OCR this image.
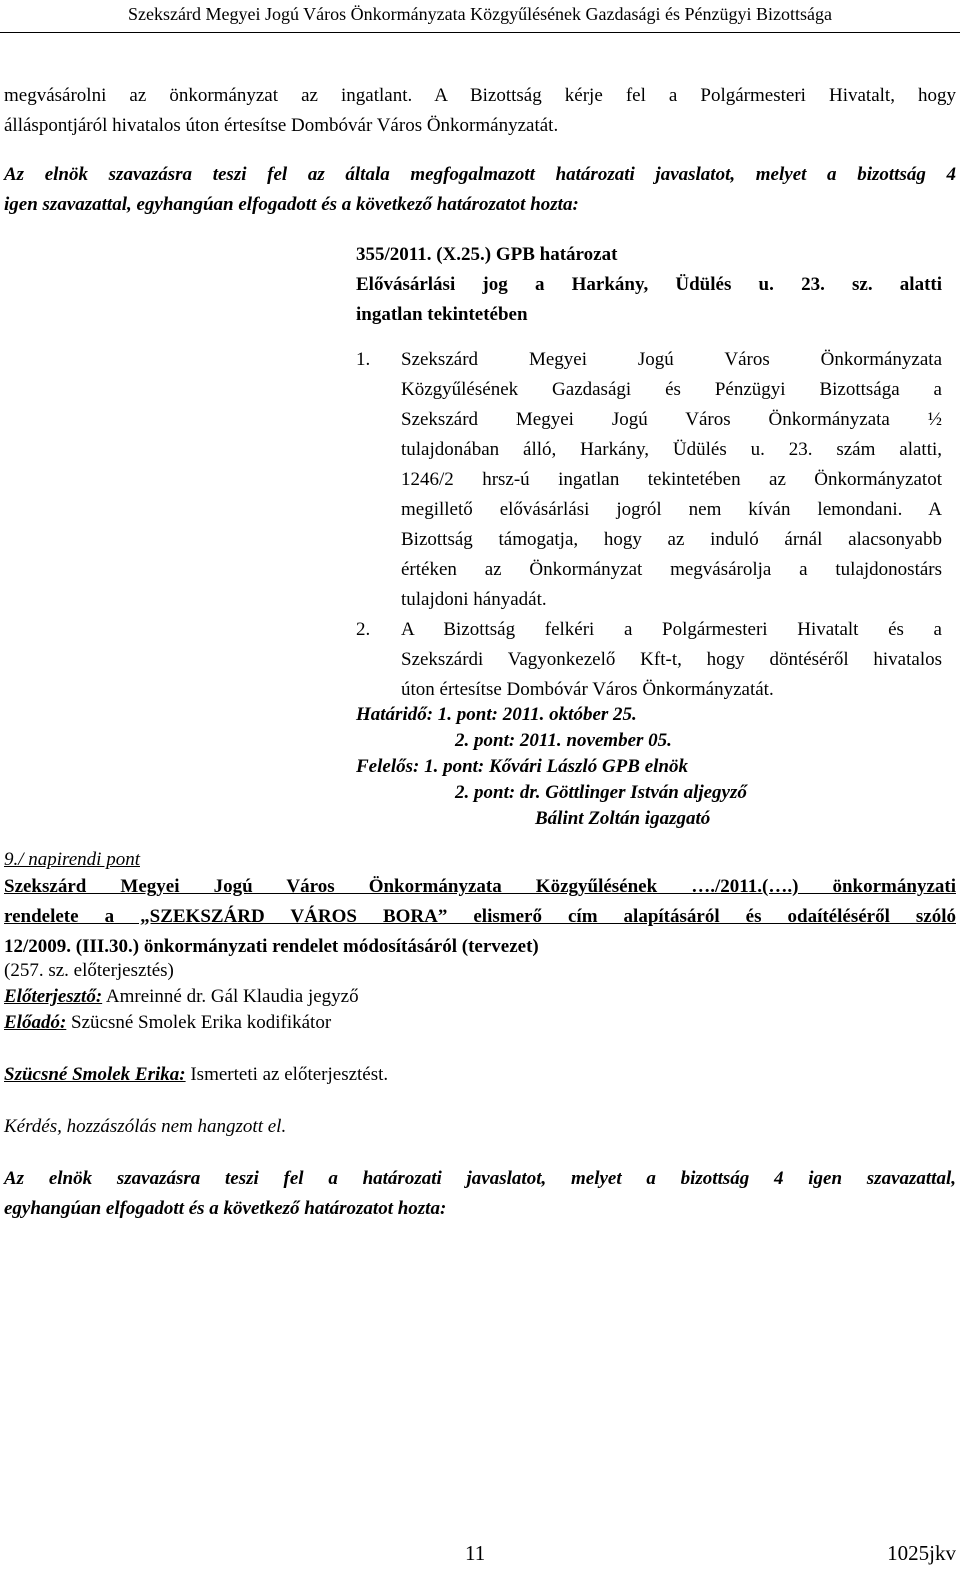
Szekszárd Megyei Jogú Város Önkormányzata Közgyűlésének Gazdasági és Pénzügyi Bizottsága
megvásárolni az önkormányzat az ingatlant. A Bizottság kérje fel a Polgármesteri Hivatalt, hogy
álláspontjáról hivatalos úton értesítse Dombóvár Város Önkormányzatát.
Az elnök szavazásra teszi fel az általa megfogalmazott határozati javaslatot, melyet a bizottság 4
igen szavazattal, egyhangúan elfogadott és a következő határozatot hozta:
355/2011. (X.25.) GPB határozat
Elővásárlási jog a Harkány, Üdülés u. 23. sz. alatti
ingatlan tekintetében
1. Szekszárd Megyei Jogú Város Önkormányzata
Közgyűlésének Gazdasági és Pénzügyi Bizottsága a
Szekszárd Megyei Jogú Város Önkormányzata ½
tulajdonában álló, Harkány, Üdülés u. 23. szám alatti,
1246/2 hrsz-ú ingatlan tekintetében az Önkormányzatot
megillető elővásárlási jogról nem kíván lemondani. A
Bizottság támogatja, hogy az induló árnál alacsonyabb
értéken az Önkormányzat megvásárolja a tulajdonostárs
tulajdoni hányadát.
2. A Bizottság felkéri a Polgármesteri Hivatalt és a
Szekszárdi Vagyonkezelő Kft-t, hogy döntéséről hivatalos
úton értesítse Dombóvár Város Önkormányzatát.
Határidő: 1. pont: 2011. október 25.
2. pont: 2011. november 05.
Felelős: 1. pont: Kővári László GPB elnök
2. pont: dr. Göttlinger István aljegyző
Bálint Zoltán igazgató
9./ napirendi pont
Szekszárd Megyei Jogú Város Önkormányzata Közgyűlésének …./2011.(….) önkormányzati
rendelete a „SZEKSZÁRD VÁROS BORA” elismerő cím alapításáról és odaítéléséről szóló
12/2009. (III.30.) önkormányzati rendelet módosításáról (tervezet)
(257. sz. előterjesztés)
Előterjesztő: Amreinné dr. Gál Klaudia jegyző
Előadó: Szücsné Smolek Erika kodifikátor
Szücsné Smolek Erika: Ismerteti az előterjesztést.
Kérdés, hozzászólás nem hangzott el.
Az elnök szavazásra teszi fel a határozati javaslatot, melyet a bizottság 4 igen szavazattal,
egyhangúan elfogadott és a következő határozatot hozta:
11	1025jkv
